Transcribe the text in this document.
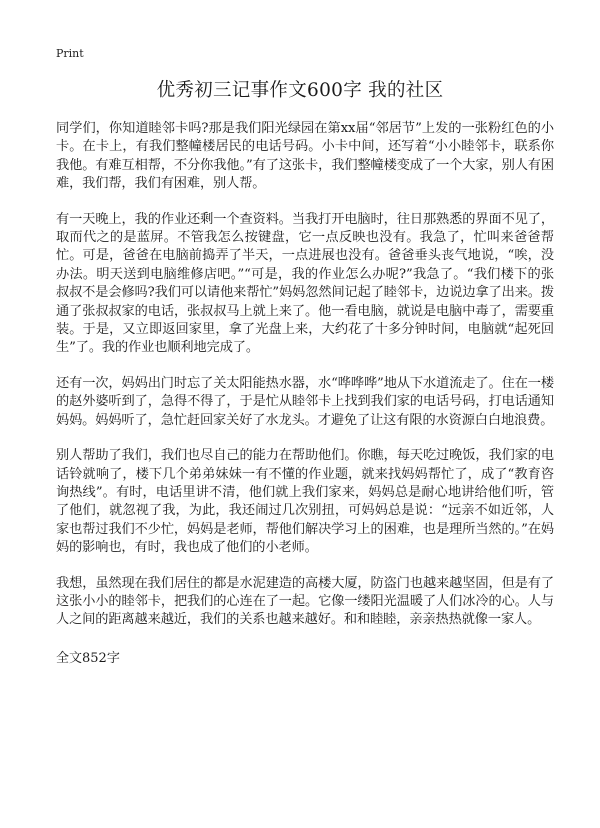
Print
优秀初三记事作文600字 我的社区

同学们，你知道睦邻卡吗?那是我们阳光绿园在第xx届“邻居节”上发的一张粉红色的小卡。在卡上，有我们整幢楼居民的电话号码。小卡中间，还写着“小小睦邻卡，联系你我他。有难互相帮，不分你我他。”有了这张卡，我们整幢楼变成了一个大家，别人有困难，我们帮，我们有困难，别人帮。

有一天晚上，我的作业还剩一个查资料。当我打开电脑时，往日那熟悉的界面不见了，取而代之的是蓝屏。不管我怎么按键盘，它一点反映也没有。我急了，忙叫来爸爸帮忙。可是，爸爸在电脑前捣弄了半天，一点进展也没有。爸爸垂头丧气地说，“唉，没办法。明天送到电脑维修店吧。”“可是，我的作业怎么办呢?”我急了。“我们楼下的张叔叔不是会修吗?我们可以请他来帮忙”妈妈忽然间记起了睦邻卡，边说边拿了出来。拨通了张叔叔家的电话，张叔叔马上就上来了。他一看电脑，就说是电脑中毒了，需要重装。于是，又立即返回家里，拿了光盘上来，大约花了十多分钟时间，电脑就“起死回生”了。我的作业也顺利地完成了。

还有一次，妈妈出门时忘了关太阳能热水器，水“哗哗哗”地从下水道流走了。住在一楼的赵外婆听到了，急得不得了，于是忙从睦邻卡上找到我们家的电话号码，打电话通知妈妈。妈妈听了，急忙赶回家关好了水龙头。才避免了让这有限的水资源白白地浪费。

别人帮助了我们，我们也尽自己的能力在帮助他们。你瞧，每天吃过晚饭，我们家的电话铃就响了，楼下几个弟弟妹妹一有不懂的作业题，就来找妈妈帮忙了，成了“教育咨询热线”。有时，电话里讲不清，他们就上我们家来，妈妈总是耐心地讲给他们听，管了他们，就忽视了我，为此，我还闹过几次别扭，可妈妈总是说：“远亲不如近邻，人家也帮过我们不少忙，妈妈是老师，帮他们解决学习上的困难，也是理所当然的。”在妈妈的影响也，有时，我也成了他们的小老师。

我想，虽然现在我们居住的都是水泥建造的高楼大厦，防盗门也越来越坚固，但是有了这张小小的睦邻卡，把我们的心连在了一起。它像一缕阳光温暖了人们冰冷的心。人与人之间的距离越来越近，我们的关系也越来越好。和和睦睦，亲亲热热就像一家人。

全文852字
